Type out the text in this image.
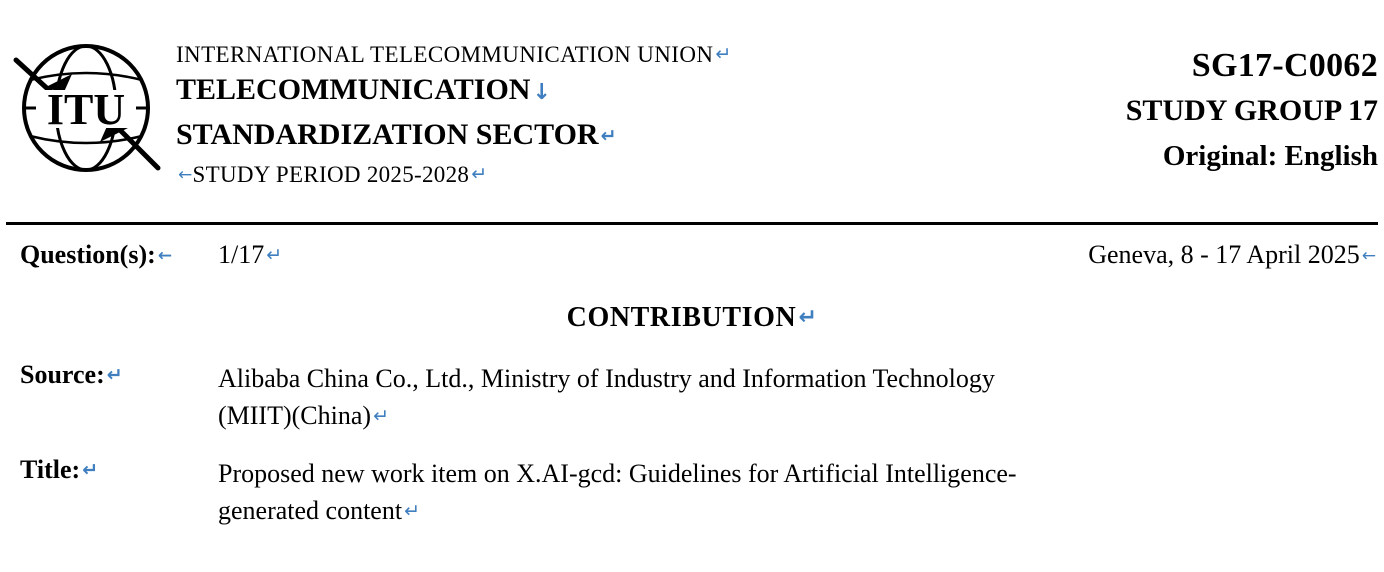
ITU
INTERNATIONAL TELECOMMUNICATION UNION ↵
TELECOMMUNICATION↓
STANDARDIZATION SECTOR ↵
←STUDY PERIOD 2025-2028 ↵
SG17-C0062
STUDY GROUP 17
Original: English
Question(s): ← 1/17 ↵	Geneva, 8 - 17 April 2025 ←
CONTRIBUTION↵
Source: ↵	Alibaba China Co., Ltd., Ministry of Industry and Information Technology
(MIIT)(China) ↵
Title: ↵	Proposed new work item on X.AI-gcd: Guidelines for Artificial Intelligence-
generated content ↵
